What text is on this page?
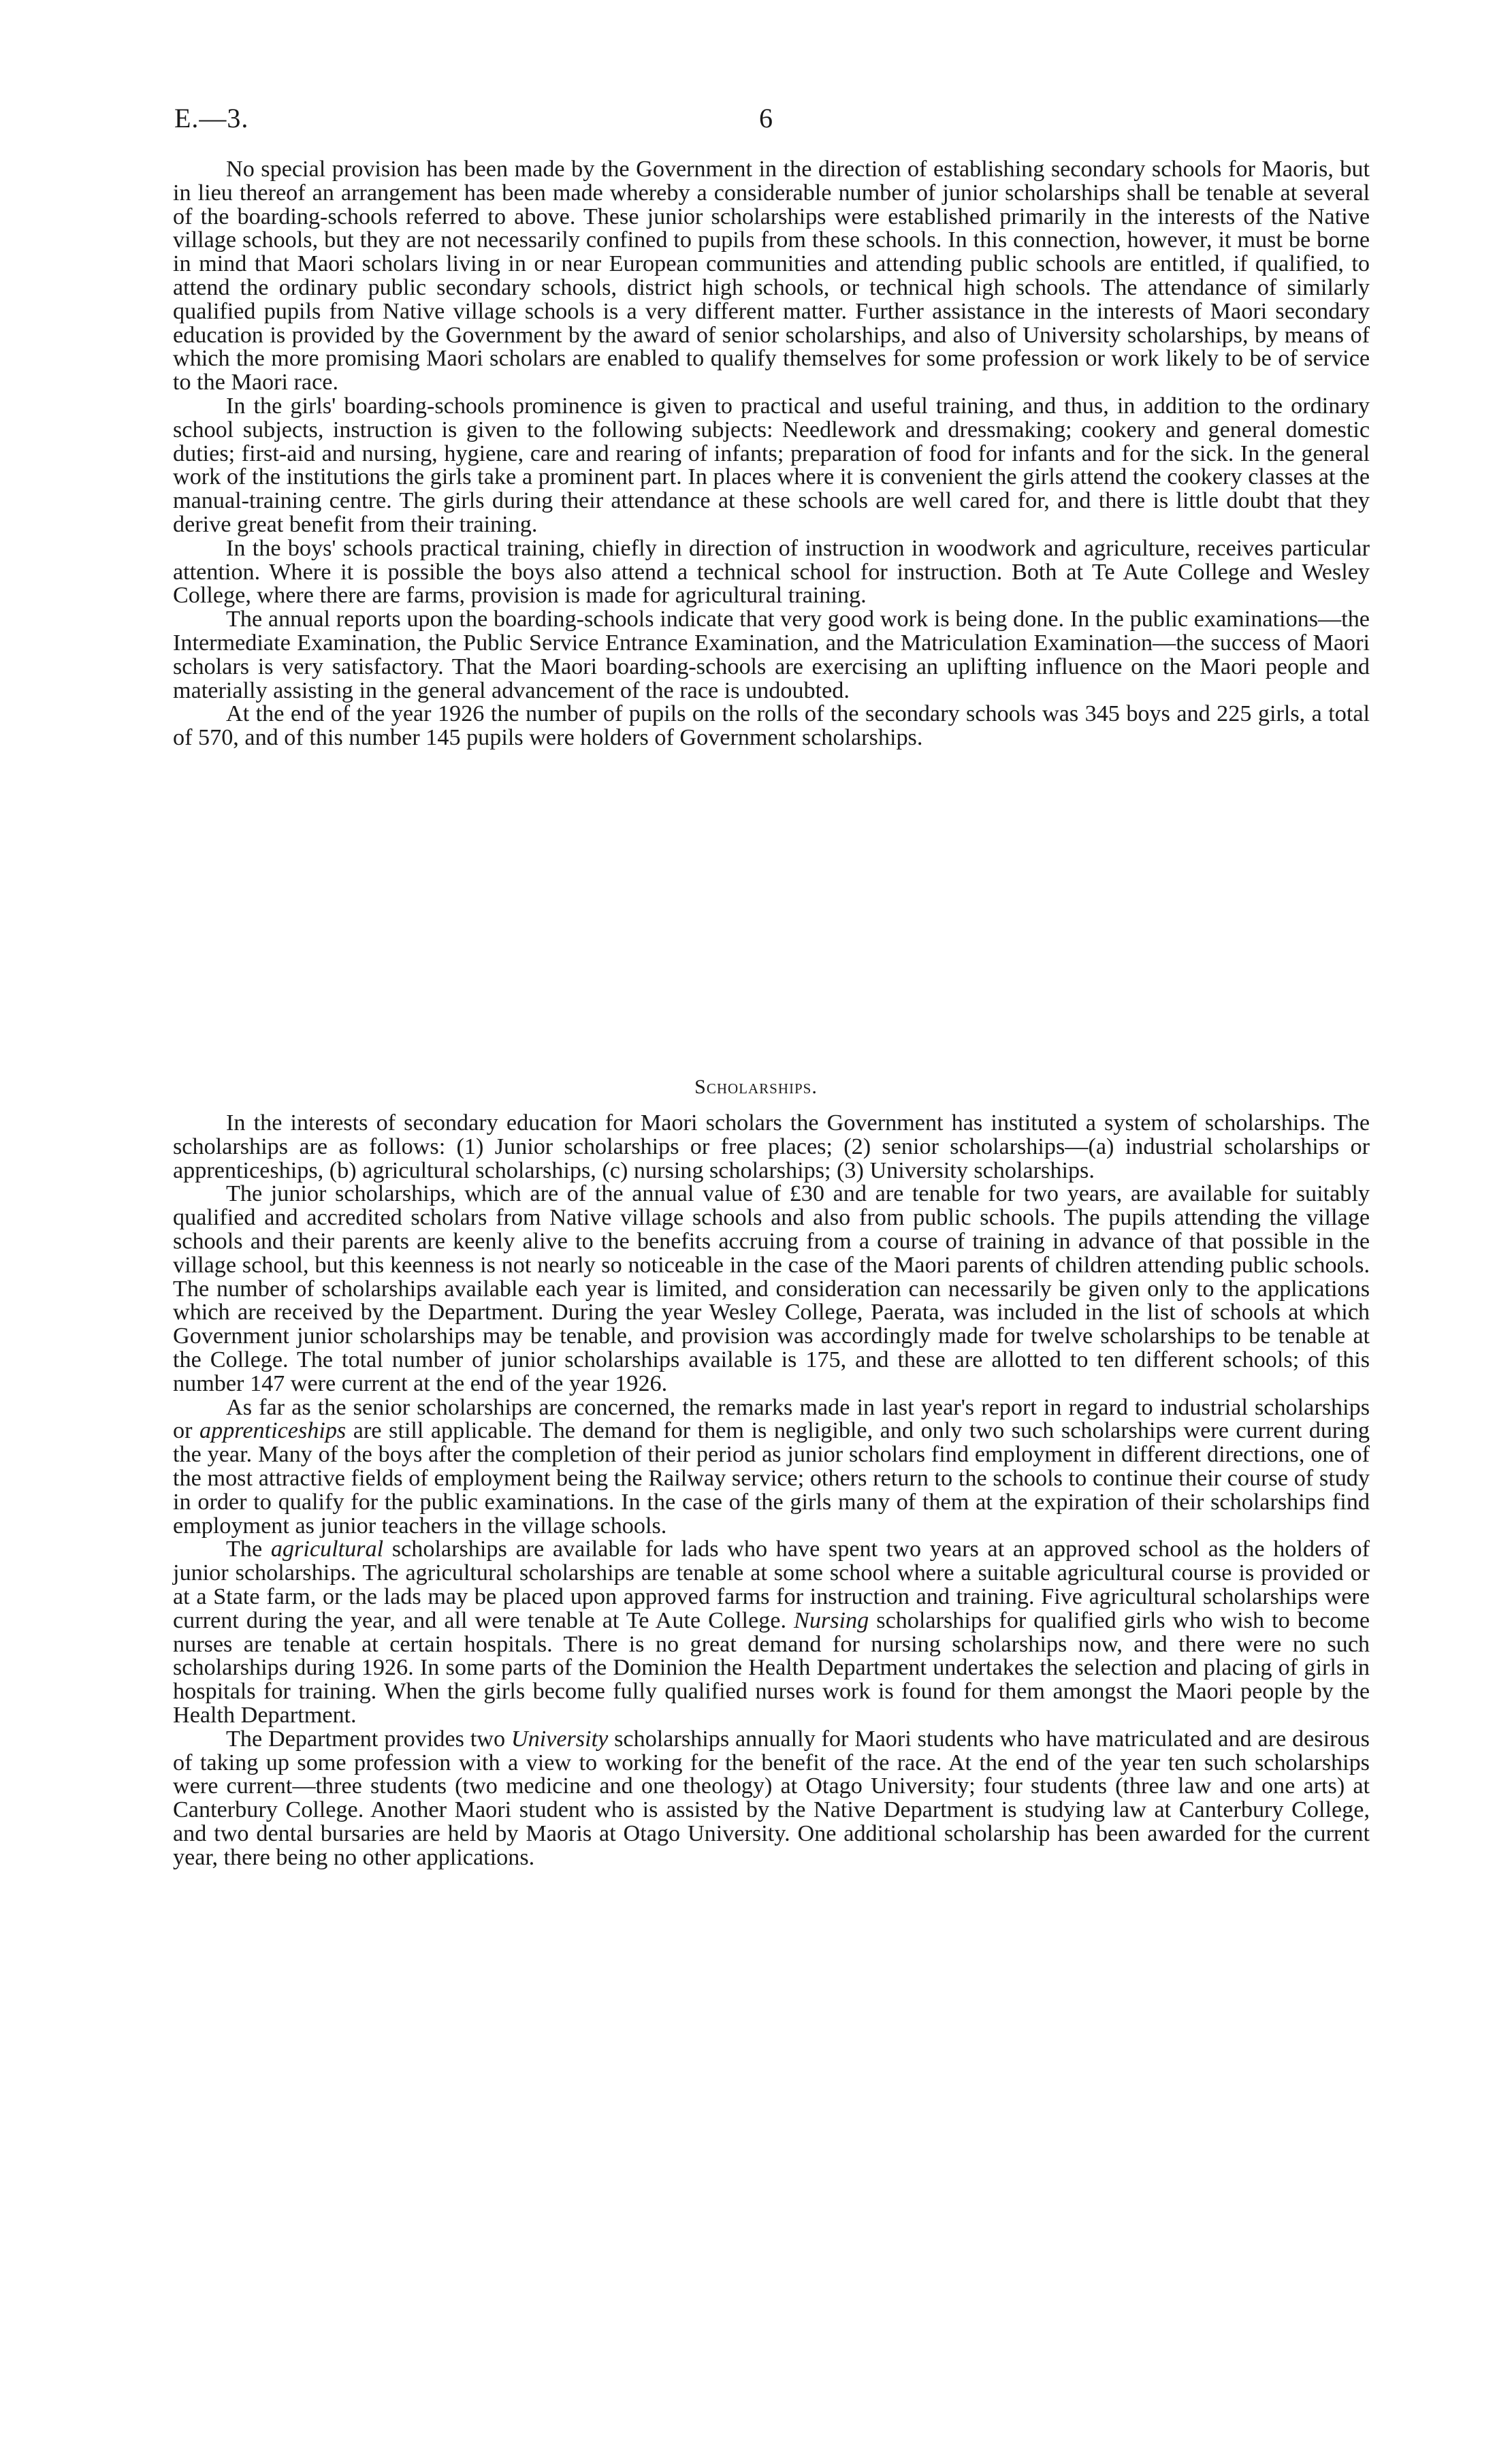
E.—3.	6

No special provision has been made by the Government in the direction of establishing secondary schools for Maoris, but in lieu thereof an arrangement has been made whereby a considerable number of junior scholarships shall be tenable at several of the boarding-schools referred to above. These junior scholarships were established primarily in the interests of the Native village schools, but they are not necessarily confined to pupils from these schools. In this connection, however, it must be borne in mind that Maori scholars living in or near European communities and attending public schools are entitled, if qualified, to attend the ordinary public secondary schools, district high schools, or technical high schools. The attendance of similarly qualified pupils from Native village schools is a very different matter. Further assistance in the interests of Maori secondary education is provided by the Government by the award of senior scholarships, and also of University scholarships, by means of which the more promising Maori scholars are enabled to qualify themselves for some profession or work likely to be of service to the Maori race.

In the girls' boarding-schools prominence is given to practical and useful training, and thus, in addition to the ordinary school subjects, instruction is given to the following subjects: Needlework and dressmaking; cookery and general domestic duties; first-aid and nursing, hygiene, care and rearing of infants; preparation of food for infants and for the sick. In the general work of the institutions the girls take a prominent part. In places where it is convenient the girls attend the cookery classes at the manual-training centre. The girls during their attendance at these schools are well cared for, and there is little doubt that they derive great benefit from their training.

In the boys' schools practical training, chiefly in direction of instruction in woodwork and agriculture, receives particular attention. Where it is possible the boys also attend a technical school for instruction. Both at Te Aute College and Wesley College, where there are farms, provision is made for agricultural training.

The annual reports upon the boarding-schools indicate that very good work is being done. In the public examinations—the Intermediate Examination, the Public Service Entrance Examination, and the Matriculation Examination—the success of Maori scholars is very satisfactory. That the Maori boarding-schools are exercising an uplifting influence on the Maori people and materially assisting in the general advancement of the race is undoubted.

At the end of the year 1926 the number of pupils on the rolls of the secondary schools was 345 boys and 225 girls, a total of 570, and of this number 145 pupils were holders of Government scholarships.

Scholarships.

In the interests of secondary education for Maori scholars the Government has instituted a system of scholarships. The scholarships are as follows: (1) Junior scholarships or free places; (2) senior scholarships—(a) industrial scholarships or apprenticeships, (b) agricultural scholarships, (c) nursing scholarships; (3) University scholarships.

The junior scholarships, which are of the annual value of £30 and are tenable for two years, are available for suitably qualified and accredited scholars from Native village schools and also from public schools. The pupils attending the village schools and their parents are keenly alive to the benefits accruing from a course of training in advance of that possible in the village school, but this keenness is not nearly so noticeable in the case of the Maori parents of children attending public schools. The number of scholarships available each year is limited, and consideration can necessarily be given only to the applications which are received by the Department. During the year Wesley College, Paerata, was included in the list of schools at which Government junior scholarships may be tenable, and provision was accordingly made for twelve scholarships to be tenable at the College. The total number of junior scholarships available is 175, and these are allotted to ten different schools; of this number 147 were current at the end of the year 1926.

As far as the senior scholarships are concerned, the remarks made in last year's report in regard to industrial scholarships or apprenticeships are still applicable. The demand for them is negligible, and only two such scholarships were current during the year. Many of the boys after the completion of their period as junior scholars find employment in different directions, one of the most attractive fields of employment being the Railway service; others return to the schools to continue their course of study in order to qualify for the public examinations. In the case of the girls many of them at the expiration of their scholarships find employment as junior teachers in the village schools.

The agricultural scholarships are available for lads who have spent two years at an approved school as the holders of junior scholarships. The agricultural scholarships are tenable at some school where a suitable agricultural course is provided or at a State farm, or the lads may be placed upon approved farms for instruction and training. Five agricultural scholarships were current during the year, and all were tenable at Te Aute College. Nursing scholarships for qualified girls who wish to become nurses are tenable at certain hospitals. There is no great demand for nursing scholarships now, and there were no such scholarships during 1926. In some parts of the Dominion the Health Department undertakes the selection and placing of girls in hospitals for training. When the girls become fully qualified nurses work is found for them amongst the Maori people by the Health Department.

The Department provides two University scholarships annually for Maori students who have matriculated and are desirous of taking up some profession with a view to working for the benefit of the race. At the end of the year ten such scholarships were current—three students (two medicine and one theology) at Otago University; four students (three law and one arts) at Canterbury College. Another Maori student who is assisted by the Native Department is studying law at Canterbury College, and two dental bursaries are held by Maoris at Otago University. One additional scholarship has been awarded for the current year, there being no other applications.
